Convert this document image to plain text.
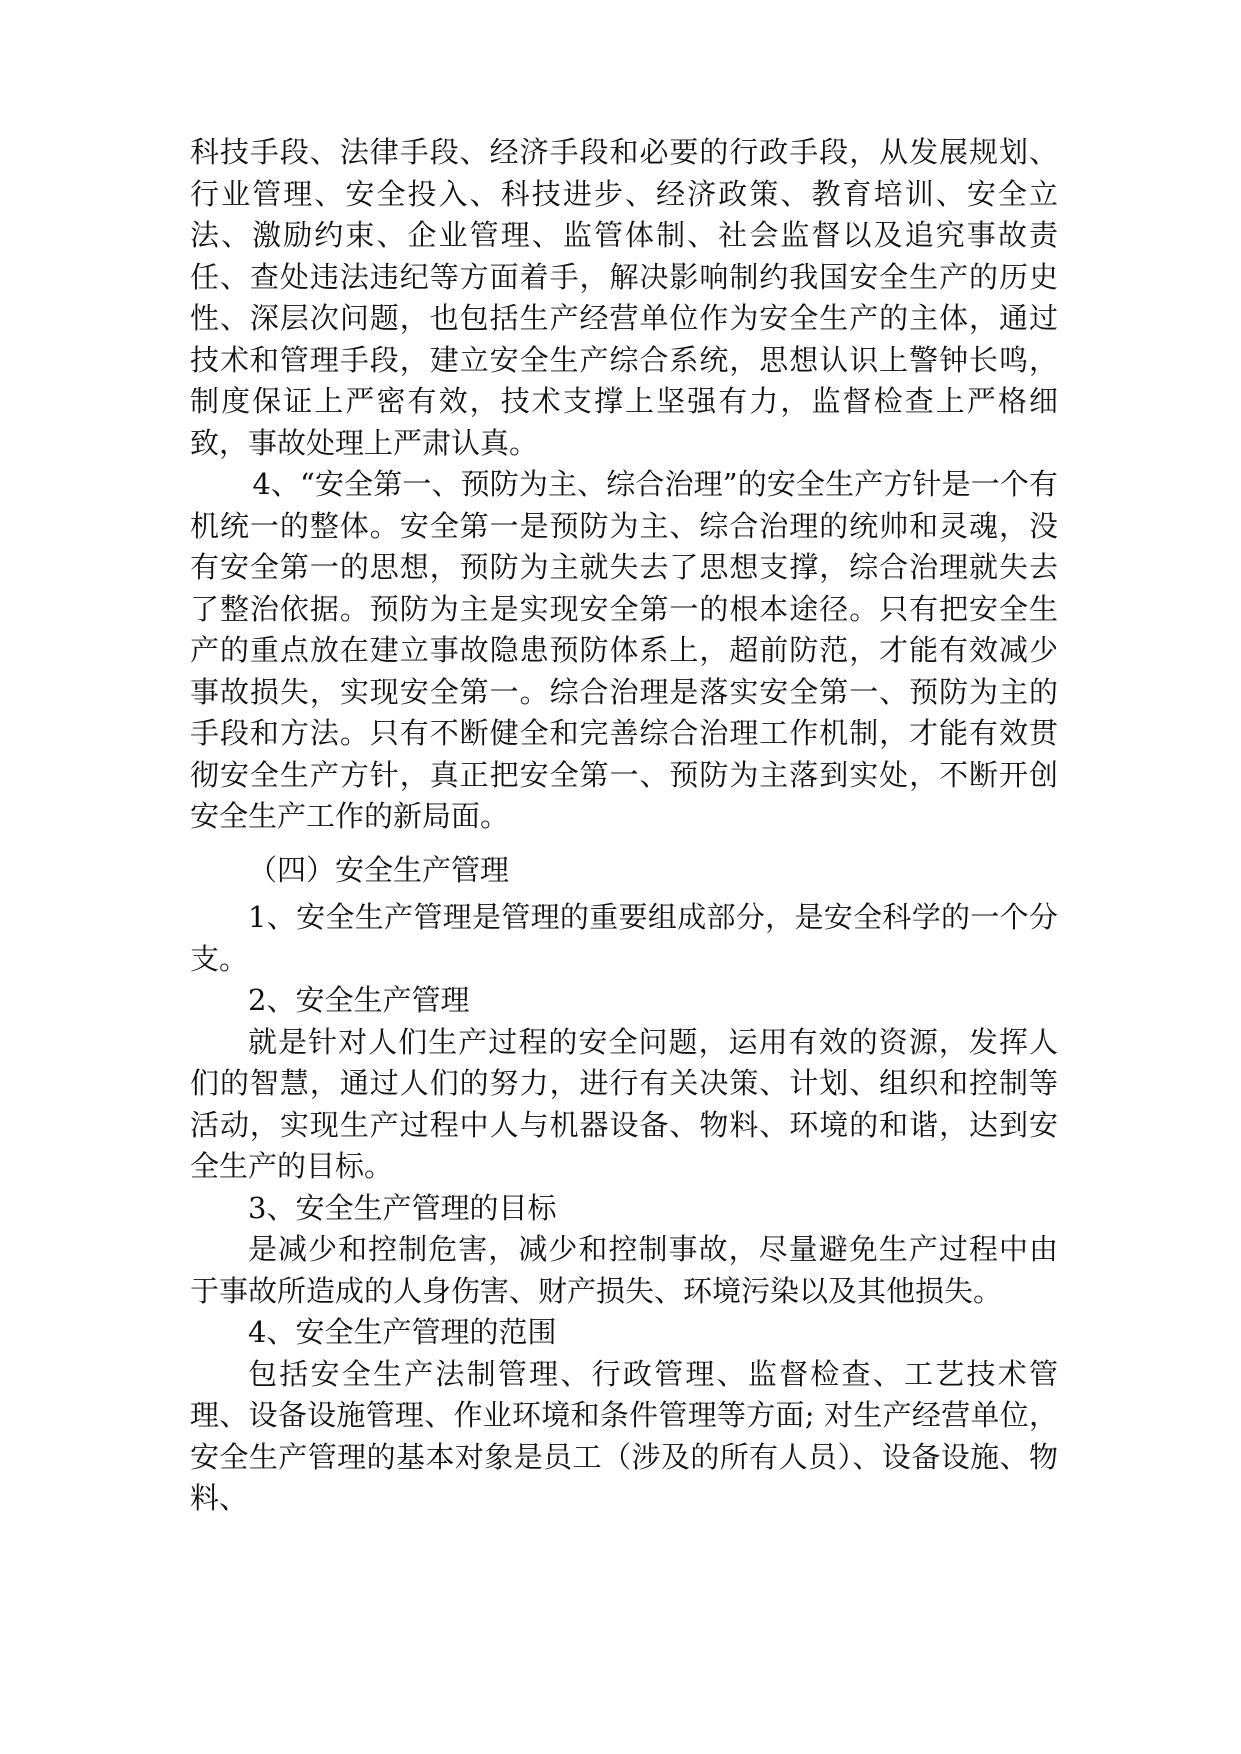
科技手段、法律手段、经济手段和必要的行政手段，从发展规划、行业管理、安全投入、科技进步、经济政策、教育培训、安全立法、激励约束、企业管理、监管体制、社会监督以及追究事故责任、查处违法违纪等方面着手，解决影响制约我国安全生产的历史性、深层次问题，也包括生产经营单位作为安全生产的主体，通过技术和管理手段，建立安全生产综合系统，思想认识上警钟长鸣，制度保证上严密有效，技术支撑上坚强有力，监督检查上严格细致，事故处理上严肃认真。

4、“安全第一、预防为主、综合治理”的安全生产方针是一个有机统一的整体。安全第一是预防为主、综合治理的统帅和灵魂，没有安全第一的思想，预防为主就失去了思想支撑，综合治理就失去了整治依据。预防为主是实现安全第一的根本途径。只有把安全生产的重点放在建立事故隐患预防体系上，超前防范，才能有效减少事故损失，实现安全第一。综合治理是落实安全第一、预防为主的手段和方法。只有不断健全和完善综合治理工作机制，才能有效贯彻安全生产方针，真正把安全第一、预防为主落到实处，不断开创安全生产工作的新局面。

（四）安全生产管理

1、安全生产管理是管理的重要组成部分，是安全科学的一个分支。

2、安全生产管理

就是针对人们生产过程的安全问题，运用有效的资源，发挥人们的智慧，通过人们的努力，进行有关决策、计划、组织和控制等活动，实现生产过程中人与机器设备、物料、环境的和谐，达到安全生产的目标。

3、安全生产管理的目标

是减少和控制危害，减少和控制事故，尽量避免生产过程中由于事故所造成的人身伤害、财产损失、环境污染以及其他损失。

4、安全生产管理的范围

包括安全生产法制管理、行政管理、监督检查、工艺技术管理、设备设施管理、作业环境和条件管理等方面; 对生产经营单位，安全生产管理的基本对象是员工（涉及的所有人员）、设备设施、物料、
